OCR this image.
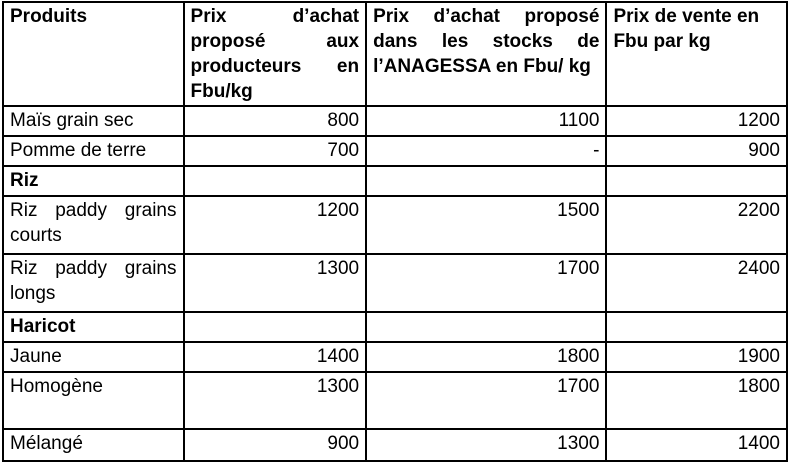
Produits	Prix d’achat proposé aux producteurs en Fbu/kg	Prix d’achat proposé dans les stocks de l’ANAGESSA en Fbu/ kg	Prix de vente en Fbu par kg
Maïs grain sec	800	1100	1200
Pomme de terre	700	-	900
Riz			
Riz paddy grains courts	1200	1500	2200
Riz paddy grains longs	1300	1700	2400
Haricot			
Jaune	1400	1800	1900
Homogène	1300	1700	1800
Mélangé	900	1300	1400
